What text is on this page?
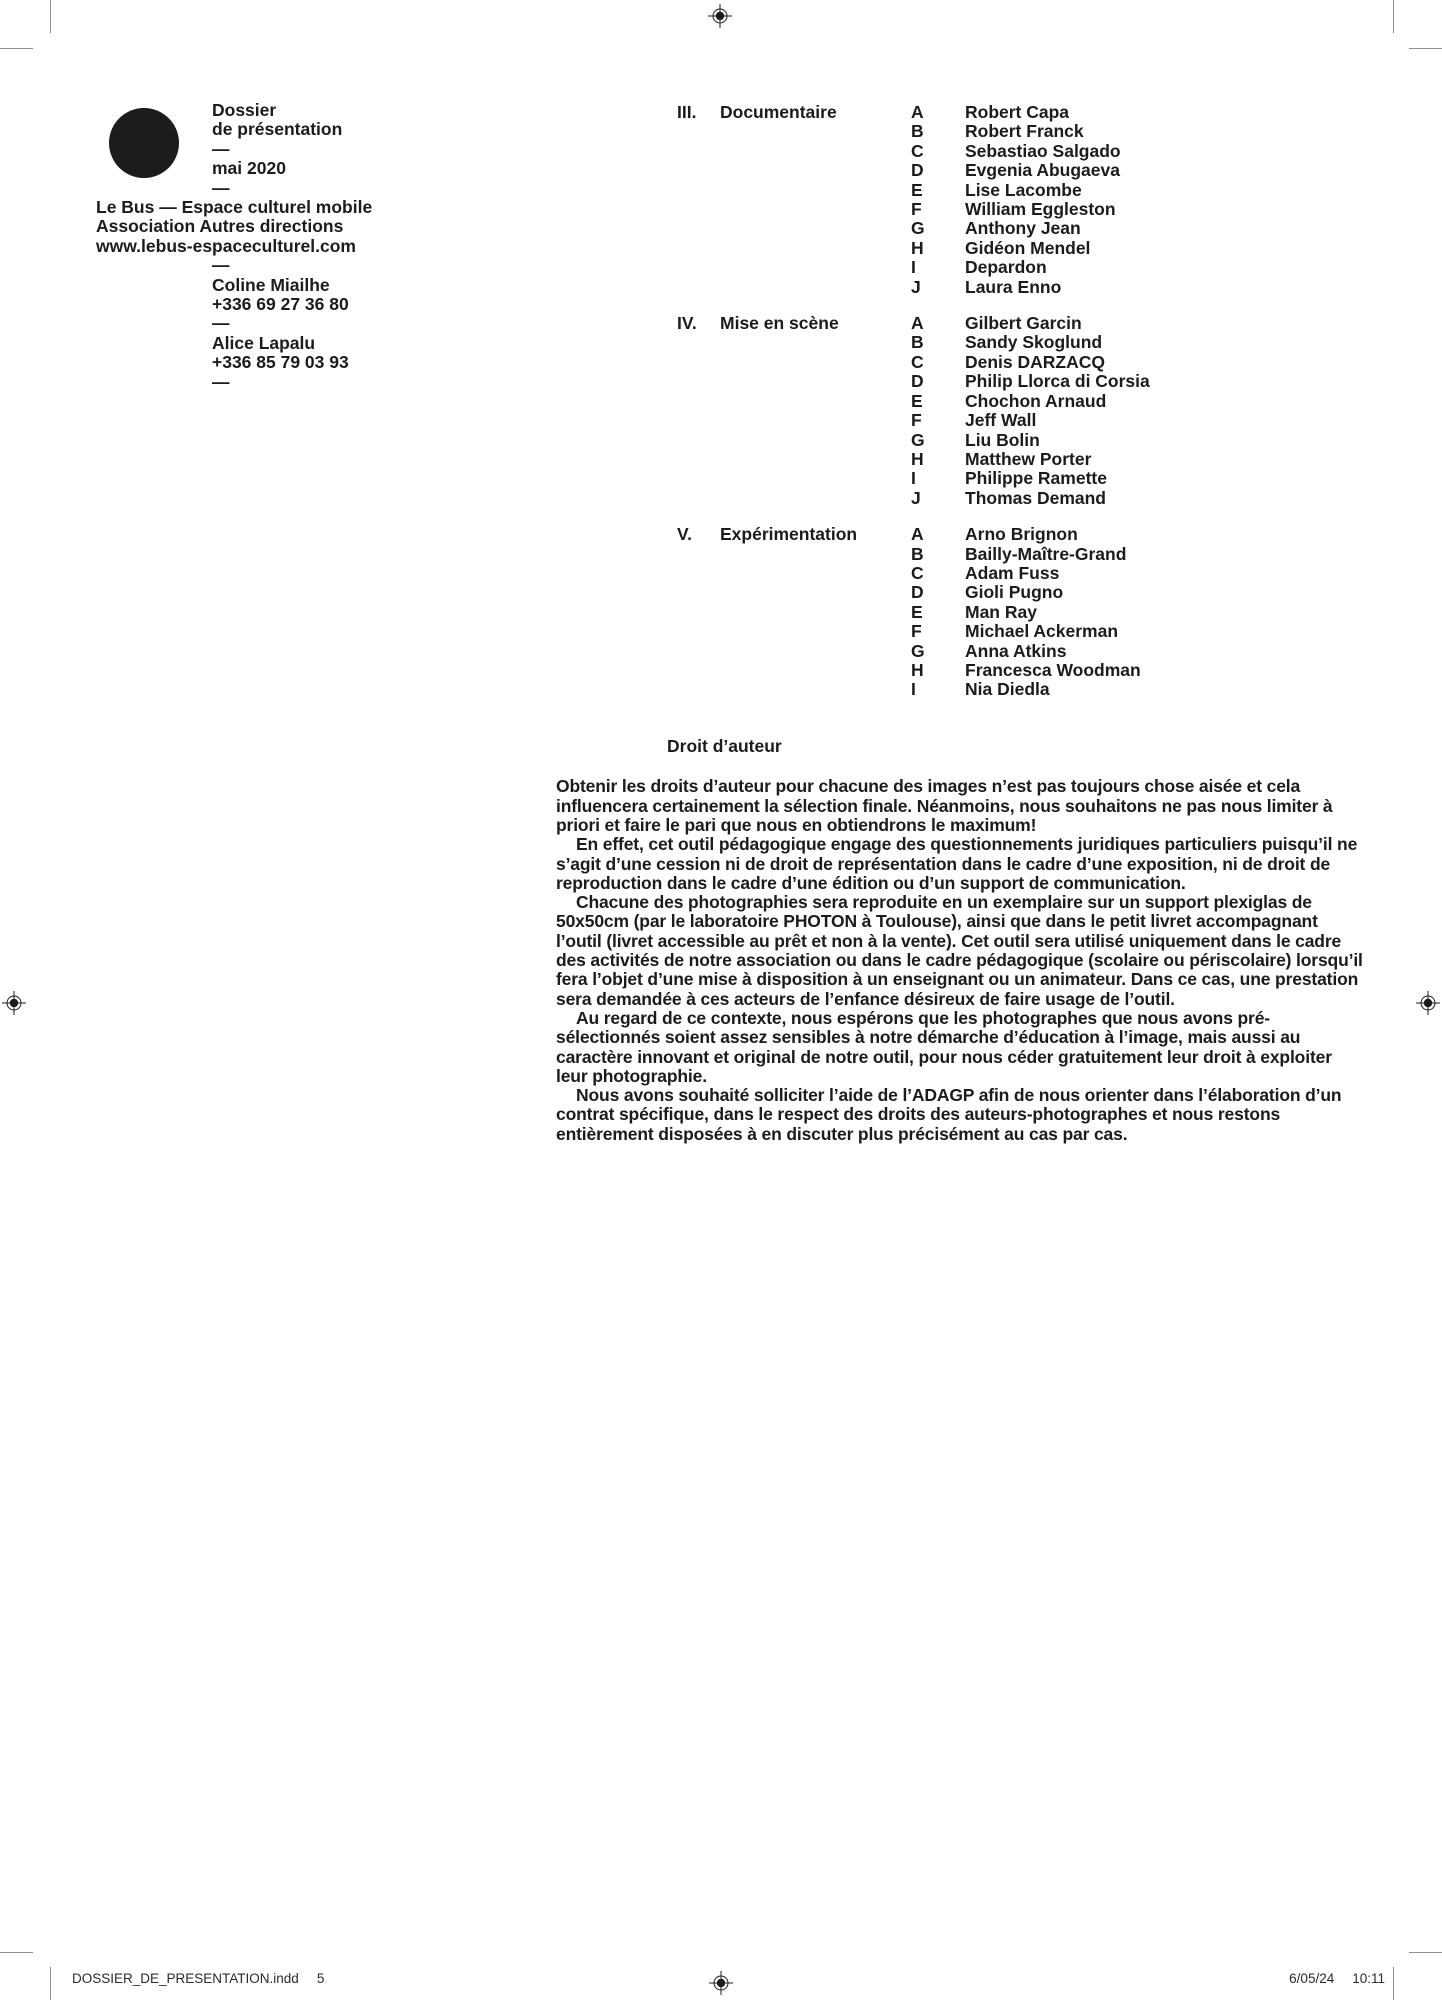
Dossier
de présentation
—
mai 2020
—
Le Bus — Espace culturel mobile
Association Autres directions
www.lebus-espaceculturel.com
—
Coline Miailhe
+336 69 27 36 80
—
Alice Lapalu
+336 85 79 03 93
—
III.	Documentaire	A	Robert Capa
B	Robert Franck
C	Sebastiao Salgado
D	Evgenia Abugaeva
E	Lise Lacombe
F	William Eggleston
G	Anthony Jean
H	Gidéon Mendel
I	Depardon
J	Laura Enno
IV.	Mise en scène	A	Gilbert Garcin
B	Sandy Skoglund
C	Denis DARZACQ
D	Philip Llorca di Corsia
E	Chochon Arnaud
F	Jeff Wall
G	Liu Bolin
H	Matthew Porter
I	Philippe Ramette
J	Thomas Demand
V.	Expérimentation	A	Arno Brignon
B	Bailly-Maître-Grand
C	Adam Fuss
D	Gioli Pugno
E	Man Ray
F	Michael Ackerman
G	Anna Atkins
H	Francesca Woodman
I	Nia Diedla
Droit d’auteur

Obtenir les droits d’auteur pour chacune des images n’est pas toujours chose aisée et cela influencera certainement la sélection finale. Néanmoins, nous souhaitons ne pas nous limiter à priori et faire le pari que nous en obtiendrons le maximum!

En effet, cet outil pédagogique engage des questionnements juridiques particuliers puisqu’il ne s’agit d’une cession ni de droit de représentation dans le cadre d’une exposition, ni de droit de reproduction dans le cadre d’une édition ou d’un support de communication.

Chacune des photographies sera reproduite en un exemplaire sur un support plexiglas de 50x50cm (par le laboratoire PHOTON à Toulouse), ainsi que dans le petit livret accompagnant l’outil (livret accessible au prêt et non à la vente). Cet outil sera utilisé uniquement dans le cadre des activités de notre association ou dans le cadre pédagogique (scolaire ou périscolaire) lorsqu’il fera l’objet d’une mise à disposition à un enseignant ou un animateur. Dans ce cas, une prestation sera demandée à ces acteurs de l’enfance désireux de faire usage de l’outil.

Au regard de ce contexte, nous espérons que les photographes que nous avons pré-sélectionnés soient assez sensibles à notre démarche d’éducation à l’image, mais aussi au caractère innovant et original de notre outil, pour nous céder gratuitement leur droit à exploiter leur photographie.

Nous avons souhaité solliciter l’aide de l’ADAGP afin de nous orienter dans l’élaboration d’un contrat spécifique, dans le respect des droits des auteurs-photographes et nous restons entièrement disposées à en discuter plus précisément au cas par cas.

DOSSIER_DE_PRESENTATION.indd 5	6/05/24 10:11
